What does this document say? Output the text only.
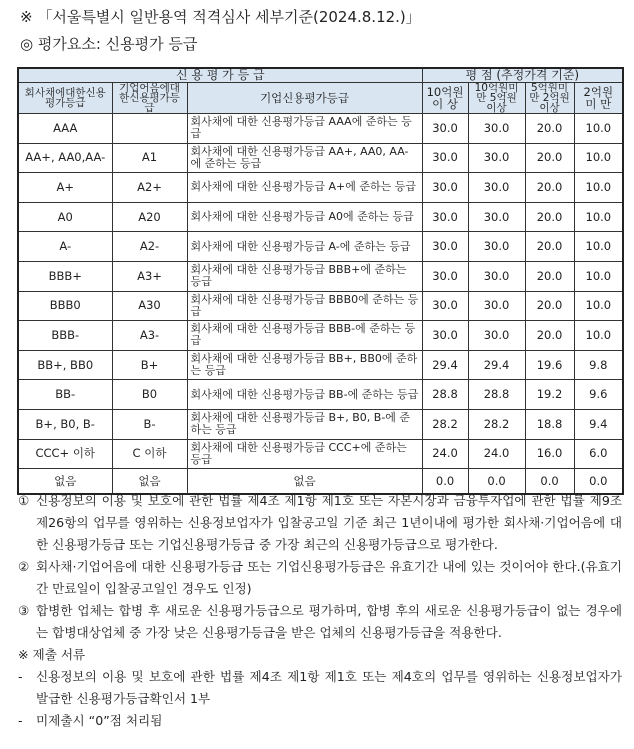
※ 「서울특별시 일반용역 적격심사 세부기준(2024.8.12.)」
◎ 평가요소: 신용평가 등급
신 용 평 가 등 급			평 점 (추정가격 기준)			
회사채에대한신용평가등급	기업어음에대한신용평가등급	기업신용평가등급	10억원 이 상	10억원미만 5억원이상	5억원미만 2억원이상	2억원 미 만
AAA		회사채에 대한 신용평가등급 AAA에 준하는 등급	30.0	30.0	20.0	10.0
AA+, AA0,AA-	A1	회사채에 대한 신용평가등급 AA+, AA0, AA-에 준하는 등급	30.0	30.0	20.0	10.0
A+	A2+	회사채에 대한 신용평가등급 A+에 준하는 등급	30.0	30.0	20.0	10.0
A0	A20	회사채에 대한 신용평가등급 A0에 준하는 등급	30.0	30.0	20.0	10.0
A-	A2-	회사채에 대한 신용평가등급 A-에 준하는 등급	30.0	30.0	20.0	10.0
BBB+	A3+	회사채에 대한 신용평가등급 BBB+에 준하는 등급	30.0	30.0	20.0	10.0
BBB0	A30	회사채에 대한 신용평가등급 BBB0에 준하는 등급	30.0	30.0	20.0	10.0
BBB-	A3-	회사채에 대한 신용평가등급 BBB-에 준하는 등급	30.0	30.0	20.0	10.0
BB+, BB0	B+	회사채에 대한 신용평가등급 BB+, BB0에 준하는 등급	29.4	29.4	19.6	9.8
BB-	B0	회사채에 대한 신용평가등급 BB-에 준하는 등급	28.8	28.8	19.2	9.6
B+, B0, B-	B-	회사채에 대한 신용평가등급 B+, B0, B-에 준하는 등급	28.2	28.2	18.8	9.4
CCC+ 이하	C 이하	회사채에 대한 신용평가등급 CCC+에 준하는 등급	24.0	24.0	16.0	6.0
없음	없음	없음	0.0	0.0	0.0	0.0
① 신용정보의 이용 및 보호에 관한 법률 제4조 제1항 제1호 또는 자본시장과 금융투자업에 관한 법률 제9조 제26항의 업무를 영위하는 신용정보업자가 입찰공고일 기준 최근 1년이내에 평가한 회사채·기업어음에 대한 신용평가등급 또는 기업신용평가등급 중 가장 최근의 신용평가등급으로 평가한다.
② 회사채·기업어음에 대한 신용평가등급 또는 기업신용평가등급은 유효기간 내에 있는 것이어야 한다.(유효기간 만료일이 입찰공고일인 경우도 인정)
③ 합병한 업체는 합병 후 새로운 신용평가등급으로 평가하며, 합병 후의 새로운 신용평가등급이 없는 경우에는 합병대상업체 중 가장 낮은 신용평가등급을 받은 업체의 신용평가등급을 적용한다.
※ 제출 서류
-	신용정보의 이용 및 보호에 관한 법률 제4조 제1항 제1호 또는 제4호의 업무를 영위하는 신용정보업자가 발급한 신용평가등급확인서 1부
-	미제출시 “0”점 처리됨
